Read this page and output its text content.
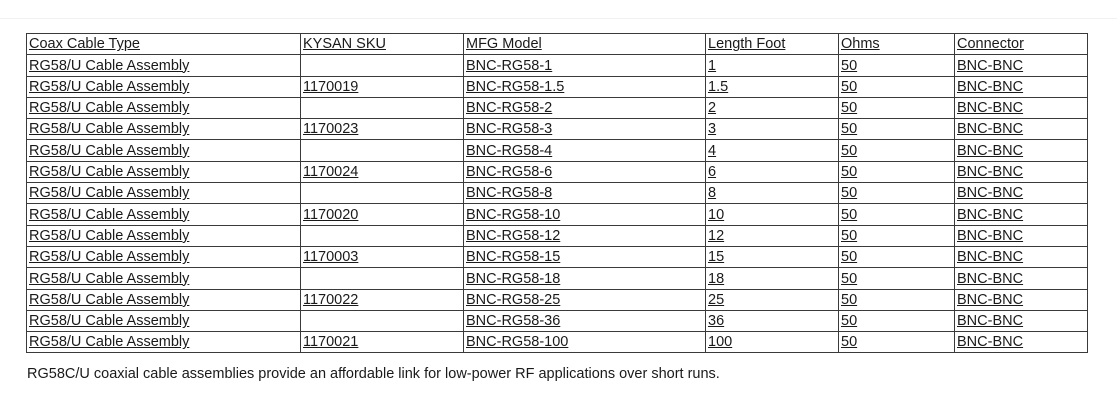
Coax Cable Type	KYSAN SKU	MFG Model	Length Foot	Ohms	Connector
RG58/U Cable Assembly		BNC-RG58-1	1	50	BNC-BNC
RG58/U Cable Assembly	1170019	BNC-RG58-1.5	1.5	50	BNC-BNC
RG58/U Cable Assembly		BNC-RG58-2	2	50	BNC-BNC
RG58/U Cable Assembly	1170023	BNC-RG58-3	3	50	BNC-BNC
RG58/U Cable Assembly		BNC-RG58-4	4	50	BNC-BNC
RG58/U Cable Assembly	1170024	BNC-RG58-6	6	50	BNC-BNC
RG58/U Cable Assembly		BNC-RG58-8	8	50	BNC-BNC
RG58/U Cable Assembly	1170020	BNC-RG58-10	10	50	BNC-BNC
RG58/U Cable Assembly		BNC-RG58-12	12	50	BNC-BNC
RG58/U Cable Assembly	1170003	BNC-RG58-15	15	50	BNC-BNC
RG58/U Cable Assembly		BNC-RG58-18	18	50	BNC-BNC
RG58/U Cable Assembly	1170022	BNC-RG58-25	25	50	BNC-BNC
RG58/U Cable Assembly		BNC-RG58-36	36	50	BNC-BNC
RG58/U Cable Assembly	1170021	BNC-RG58-100	100	50	BNC-BNC
RG58C/U coaxial cable assemblies provide an affordable link for low-power RF applications over short runs.
